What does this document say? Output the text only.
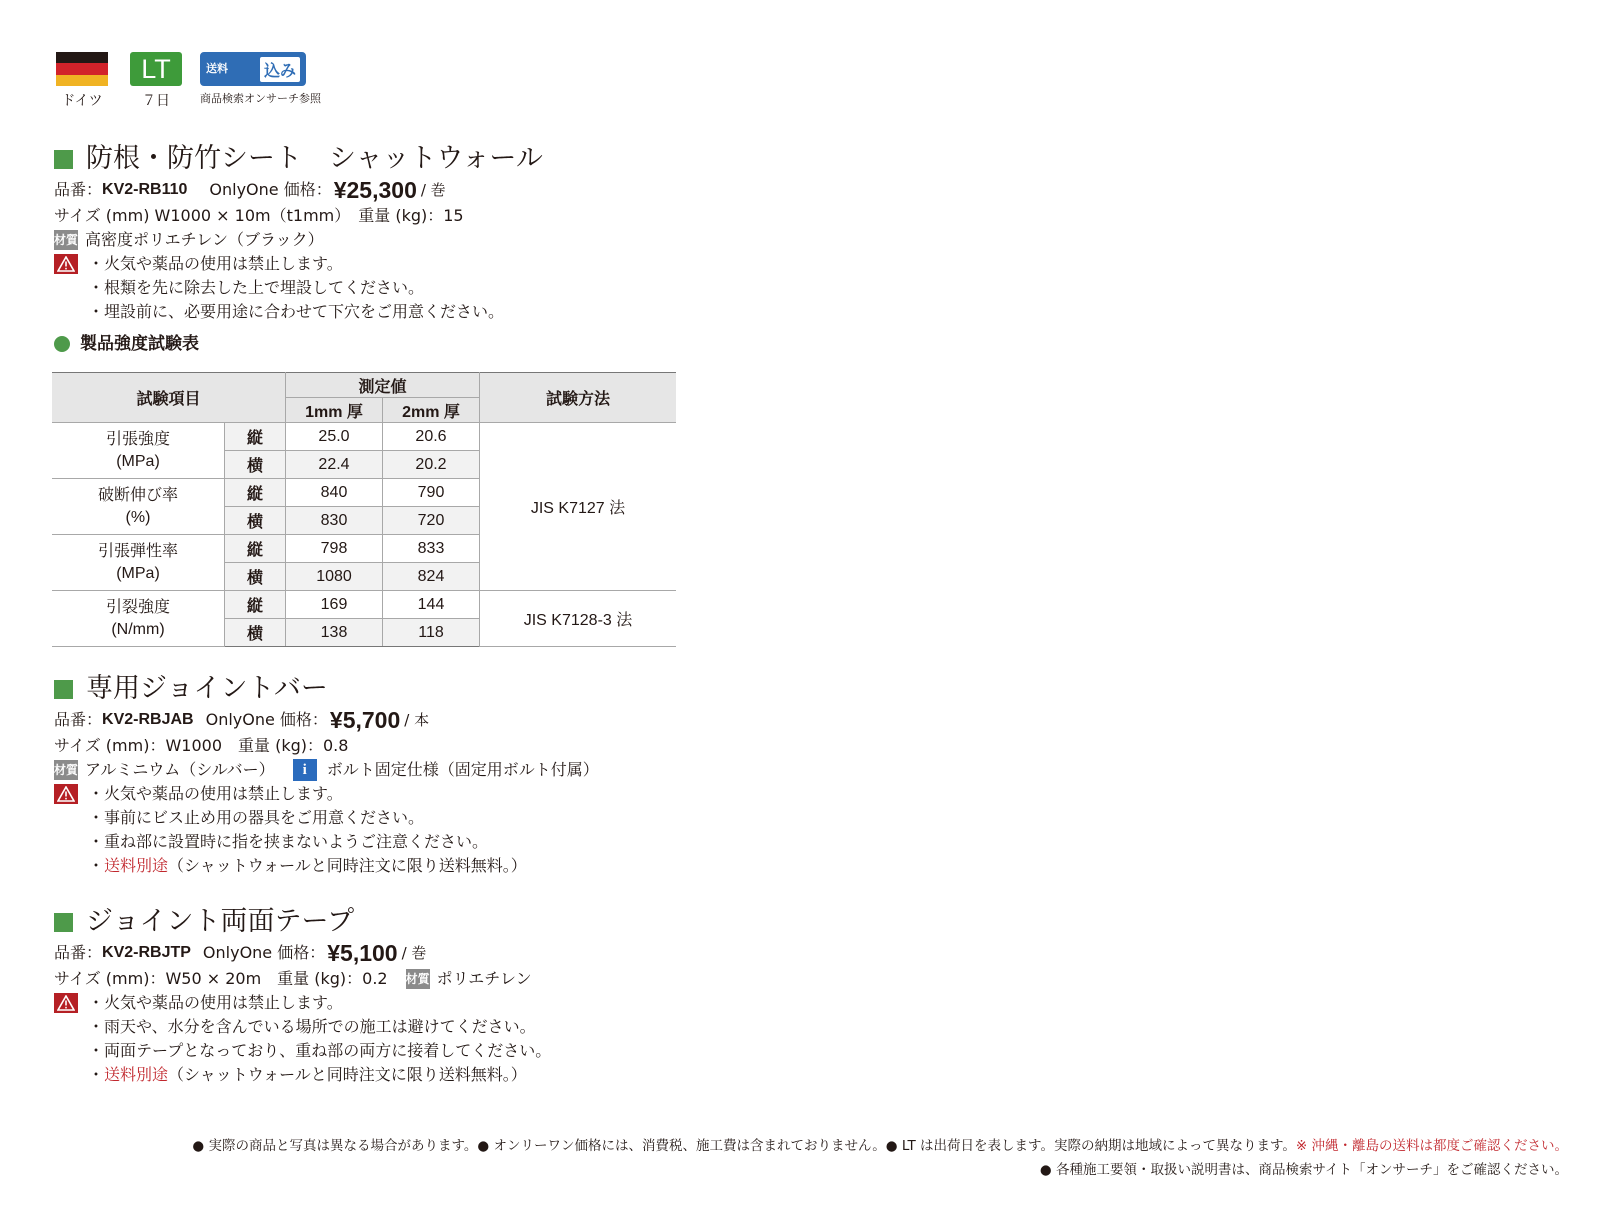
ドイツ
LT
７日
送料	込み
商品検索オンサーチ参照
防根・防竹シート　シャットウォール
品番： KV2-RB110 OnlyOne 価格： ¥25,300 / 巻
サイズ (mm) W1000 × 10m（t1mm）　重量 (kg)：15
材質 高密度ポリエチレン（ブラック）
・火気や薬品の使用は禁止します。
・根類を先に除去した上で埋設してください。
・埋設前に、必要用途に合わせて下穴をご用意ください。
製品強度試験表
試験項目		測定値		試験方法
		1mm 厚	2mm 厚	
引張強度
(MPa)	縦	25.0	20.6	JIS K7127 法
	横	22.4	20.2	
破断伸び率
(%)	縦	840	790	
	横	830	720	
引張弾性率
(MPa)	縦	798	833	
	横	1080	824	
引裂強度
(N/mm)	縦	169	144	JIS K7128-3 法
	横	138	118	
専用ジョイントバー
品番： KV2-RBJAB OnlyOne 価格： ¥5,700 / 本
サイズ (mm)：W1000　重量 (kg)：0.8
材質 アルミニウム（シルバー）	i	ボルト固定仕様（固定用ボルト付属）
・火気や薬品の使用は禁止します。
・事前にビス止め用の器具をご用意ください。
・重ね部に設置時に指を挟まないようご注意ください。
・送料別途（シャットウォールと同時注文に限り送料無料。）
ジョイント両面テープ
品番： KV2-RBJTP OnlyOne 価格： ¥5,100 / 巻
サイズ (mm)：W50 × 20m　重量 (kg)：0.2 材質 ポリエチレン
・火気や薬品の使用は禁止します。
・雨天や、水分を含んでいる場所での施工は避けてください。
・両面テープとなっており、重ね部の両方に接着してください。
・送料別途（シャットウォールと同時注文に限り送料無料。）
● 実際の商品と写真は異なる場合があります。● オンリーワン価格には、消費税、施工費は含まれておりません。● LT は出荷日を表します。実際の納期は地域によって異なります。※ 沖縄・離島の送料は都度ご確認ください。
● 各種施工要領・取扱い説明書は、商品検索サイト「オンサーチ」をご確認ください。
